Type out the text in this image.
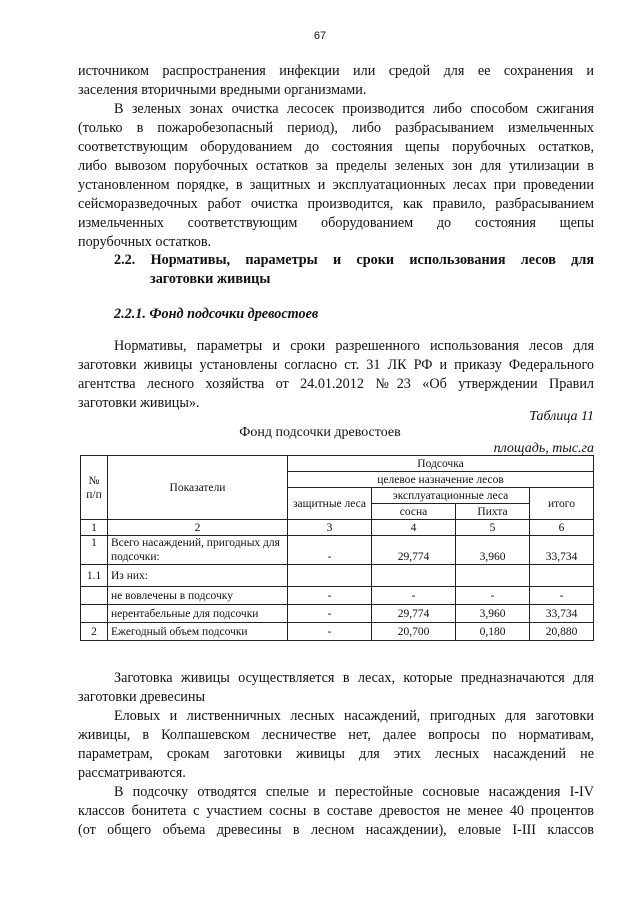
67
источником распространения инфекции или средой для ее сохранения и
заселения вторичными вредными организмами.
В зеленых зонах очистка лесосек производится либо способом сжигания
(только в пожаробезопасный период), либо разбрасыванием измельченных
соответствующим оборудованием до состояния щепы порубочных остатков,
либо вывозом порубочных остатков за пределы зеленых зон для утилизации в
установленном порядке, в защитных и эксплуатационных лесах при проведении
сейсморазведочных работ очистка производится, как правило, разбрасыванием
измельченных соответствующим оборудованием до состояния щепы
порубочных остатков.
2.2. Нормативы, параметры и сроки использования лесов для
заготовки живицы
2.2.1. Фонд подсочки древостоев
Нормативы, параметры и сроки разрешенного использования лесов для
заготовки живицы установлены согласно ст. 31 ЛК РФ и приказу Федерального
агентства лесного хозяйства от 24.01.2012 №23 «Об утверждении Правил
заготовки живицы».
Таблица 11
Фонд подсочки древостоев
площадь, тыс.га
№ п/п	Показатели	Подсочка			
		целевое назначение лесов			
		защитные леса	эксплуатационные леса		итого
			сосна	Пихта	
1	2	3	4	5	6
1	Всего насаждений, пригодных для подсочки:	-	29,774	3,960	33,734
1.1	Из них:				
	не вовлечены в подсочку	-	-	-	-
	нерентабельные для подсочки	-	29,774	3,960	33,734
2	Ежегодный объем подсочки	-	20,700	0,180	20,880
Заготовка живицы осуществляется в лесах, которые предназначаются для
заготовки древесины
Еловых и лиственничных лесных насаждений, пригодных для заготовки
живицы, в Колпашевском лесничестве нет, далее вопросы по нормативам,
параметрам, срокам заготовки живицы для этих лесных насаждений не
рассматриваются.
В подсочку отводятся спелые и перестойные сосновые насаждения I-IV
классов бонитета с участием сосны в составе древостоя не менее 40 процентов
(от общего объема древесины в лесном насаждении), еловые I-III классов
